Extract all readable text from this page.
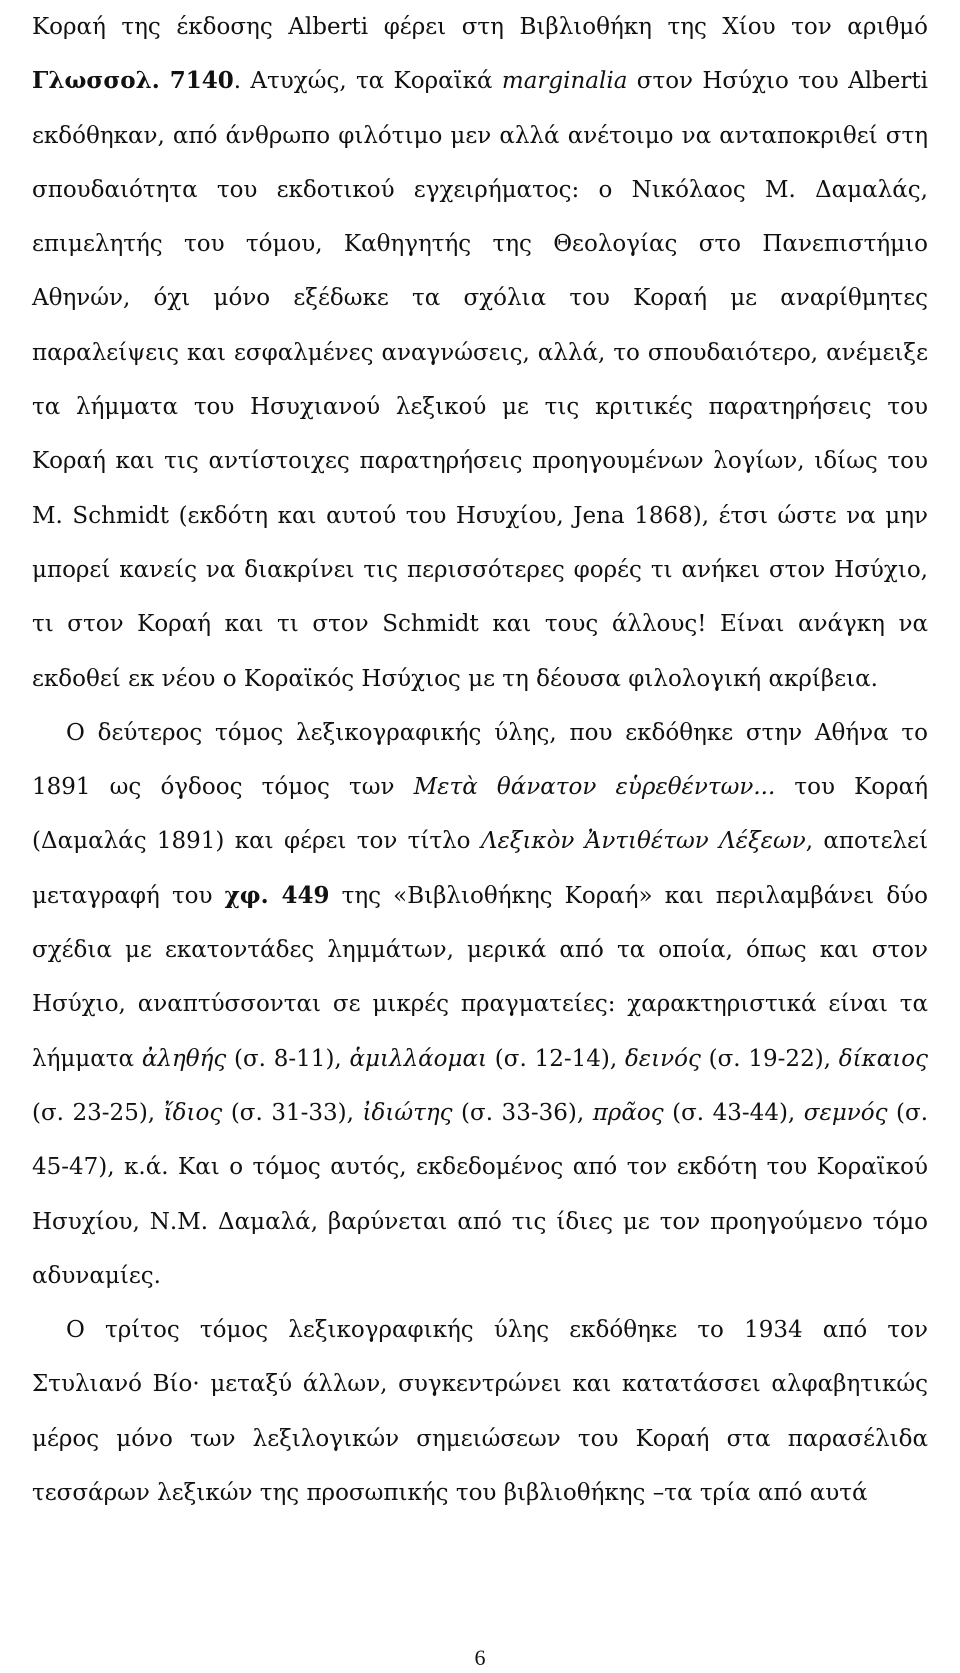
Κοραή της έκδοσης Alberti φέρει στη Βιβλιοθήκη της Χίου τον αριθμό Γλωσσολ. 7140. Ατυχώς, τα Κοραϊκά marginalia στον Ησύχιο του Alberti εκδόθηκαν, από άνθρωπο φιλότιμο μεν αλλά ανέτοιμο να ανταποκριθεί στη σπουδαιότητα του εκδοτικού εγχειρήματος: ο Νικόλαος Μ. Δαμαλάς, επιμελητής του τόμου, Καθηγητής της Θεολογίας στο Πανεπιστήμιο Αθηνών, όχι μόνο εξέδωκε τα σχόλια του Κοραή με αναρίθμητες παραλείψεις και εσφαλμένες αναγνώσεις, αλλά, το σπουδαιότερο, ανέμειξε τα λήμματα του Ησυχιανού λεξικού με τις κριτικές παρατηρήσεις του Κοραή και τις αντίστοιχες παρατηρήσεις προηγουμένων λογίων, ιδίως του M. Schmidt (εκδότη και αυτού του Ησυχίου, Jena 1868), έτσι ώστε να μην μπορεί κανείς να διακρίνει τις περισσότερες φορές τι ανήκει στον Ησύχιο, τι στον Κοραή και τι στον Schmidt και τους άλλους! Είναι ανάγκη να εκδοθεί εκ νέου ο Κοραϊκός Ησύχιος με τη δέουσα φιλολογική ακρίβεια.

Ο δεύτερος τόμος λεξικογραφικής ύλης, που εκδόθηκε στην Αθήνα το 1891 ως όγδοος τόμος των Μετὰ θάνατον εὑρεθέντων... του Κοραή (Δαμαλάς 1891) και φέρει τον τίτλο Λεξικὸν Ἀντιθέτων Λέξεων, αποτελεί μεταγραφή του χφ. 449 της «Βιβλιοθήκης Κοραή» και περιλαμβάνει δύο σχέδια με εκατοντάδες λημμάτων, μερικά από τα οποία, όπως και στον Ησύχιο, αναπτύσσονται σε μικρές πραγματείες: χαρακτηριστικά είναι τα λήμματα ἀληθής (σ. 8-11), ἁμιλλάομαι (σ. 12-14), δεινός (σ. 19-22), δίκαιος (σ. 23-25), ἴδιος (σ. 31-33), ἰδιώτης (σ. 33-36), πρᾶος (σ. 43-44), σεμνός (σ. 45-47), κ.ά. Και ο τόμος αυτός, εκδεδομένος από τον εκδότη του Κοραϊκού Ησυχίου, Ν.Μ. Δαμαλά, βαρύνεται από τις ίδιες με τον προηγούμενο τόμο αδυναμίες.

Ο τρίτος τόμος λεξικογραφικής ύλης εκδόθηκε το 1934 από τον Στυλιανό Βίο· μεταξύ άλλων, συγκεντρώνει και κατατάσσει αλφαβητικώς μέρος μόνο των λεξιλογικών σημειώσεων του Κοραή στα παρασέλιδα τεσσάρων λεξικών της προσωπικής του βιβλιοθήκης –τα τρία από αυτά

6
